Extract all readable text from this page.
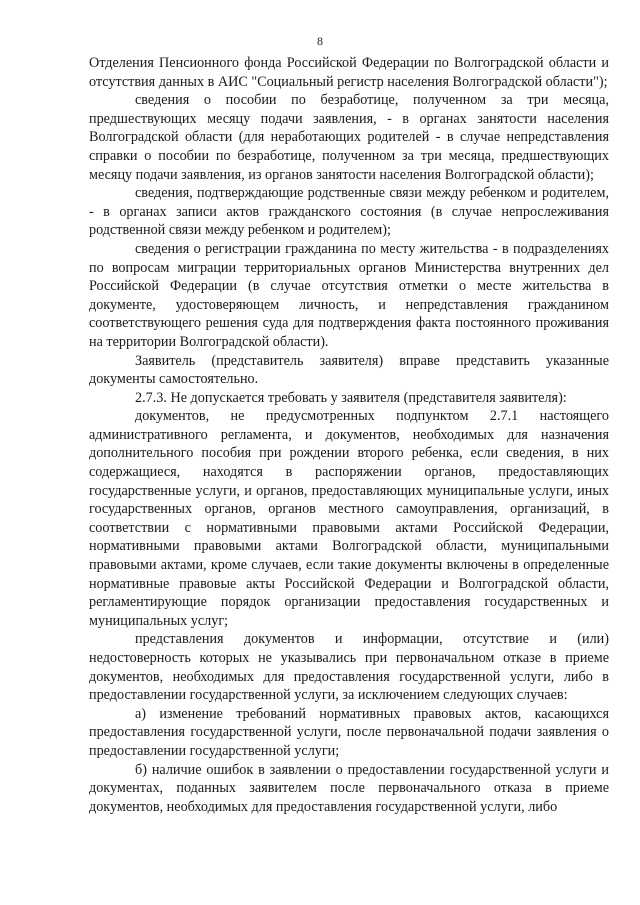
8

Отделения Пенсионного фонда Российской Федерации по Волгоградской области и отсутствия данных в АИС "Социальный регистр населения Волгоградской области");

сведения о пособии по безработице, полученном за три месяца, предшествующих месяцу подачи заявления, - в органах занятости населения Волгоградской области (для неработающих родителей - в случае непредставления справки о пособии по безработице, полученном за три месяца, предшествующих месяцу подачи заявления, из органов занятости населения Волгоградской области);

сведения, подтверждающие родственные связи между ребенком и родителем, - в органах записи актов гражданского состояния (в случае непрослеживания родственной связи между ребенком и родителем);

сведения о регистрации гражданина по месту жительства - в подразделениях по вопросам миграции территориальных органов Министерства внутренних дел Российской Федерации (в случае отсутствия отметки о месте жительства в документе, удостоверяющем личность, и непредставления гражданином соответствующего решения суда для подтверждения факта постоянного проживания на территории Волгоградской области).

Заявитель (представитель заявителя) вправе представить указанные документы самостоятельно.

2.7.3. Не допускается требовать у заявителя (представителя заявителя):

документов, не предусмотренных подпунктом 2.7.1 настоящего административного регламента, и документов, необходимых для назначения дополнительного пособия при рождении второго ребенка, если сведения, в них содержащиеся, находятся в распоряжении органов, предоставляющих государственные услуги, и органов, предоставляющих муниципальные услуги, иных государственных органов, органов местного самоуправления, организаций, в соответствии с нормативными правовыми актами Российской Федерации, нормативными правовыми актами Волгоградской области, муниципальными правовыми актами, кроме случаев, если такие документы включены в определенные нормативные правовые акты Российской Федерации и Волгоградской области, регламентирующие порядок организации предоставления государственных и муниципальных услуг;

представления документов и информации, отсутствие и (или) недостоверность которых не указывались при первоначальном отказе в приеме документов, необходимых для предоставления государственной услуги, либо в предоставлении государственной услуги, за исключением следующих случаев:

а) изменение требований нормативных правовых актов, касающихся предоставления государственной услуги, после первоначальной подачи заявления о предоставлении государственной услуги;

б) наличие ошибок в заявлении о предоставлении государственной услуги и документах, поданных заявителем после первоначального отказа в приеме документов, необходимых для предоставления государственной услуги, либо
